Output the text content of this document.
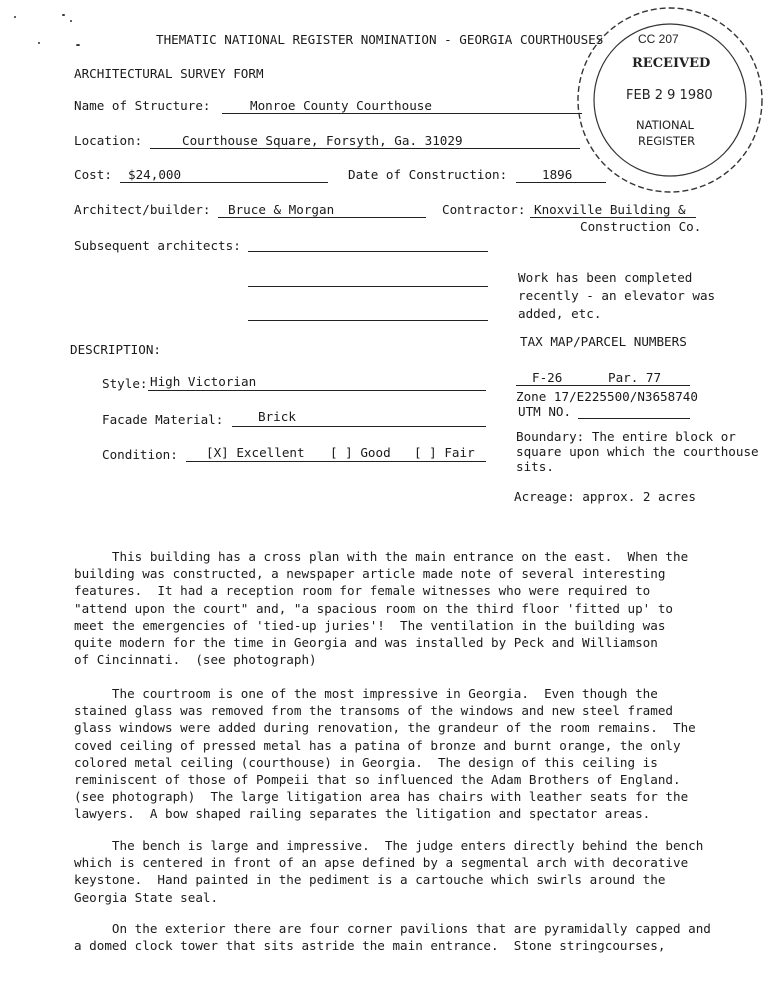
THEMATIC NATIONAL REGISTER NOMINATION - GEORGIA COURTHOUSES	CC 207
RECEIVED
FEB 2 9 1980
NATIONAL
REGISTER
ARCHITECTURAL SURVEY FORM
Name of Structure:	Monroe County Courthouse
Location:	Courthouse Square, Forsyth, Ga. 31029
Cost: $24,000	Date of Construction:	1896
Architect/builder: Bruce & Morgan	Contractor: Knoxville Building &
Construction Co.
Subsequent architects:
Work has been completed
recently - an elevator was
added, etc.
TAX MAP/PARCEL NUMBERS
DESCRIPTION:
Style: High Victorian	F-26	Par. 77
Zone 17/E225500/N3658740
UTM NO.
Facade Material:	Brick
Boundary: The entire block or
square upon which the courthouse
sits.
Condition: [X] Excellent [ ] Good [ ] Fair
Acreage: approx. 2 acres
This building has a cross plan with the main entrance on the east.  When the
building was constructed, a newspaper article made note of several interesting
features.  It had a reception room for female witnesses who were required to
"attend upon the court" and, "a spacious room on the third floor 'fitted up' to
meet the emergencies of 'tied-up juries'!  The ventilation in the building was
quite modern for the time in Georgia and was installed by Peck and Williamson
of Cincinnati.  (see photograph)
The courtroom is one of the most impressive in Georgia.  Even though the
stained glass was removed from the transoms of the windows and new steel framed
glass windows were added during renovation, the grandeur of the room remains.  The
coved ceiling of pressed metal has a patina of bronze and burnt orange, the only
colored metal ceiling (courthouse) in Georgia.  The design of this ceiling is
reminiscent of those of Pompeii that so influenced the Adam Brothers of England.
(see photograph)  The large litigation area has chairs with leather seats for the
lawyers.  A bow shaped railing separates the litigation and spectator areas.
The bench is large and impressive.  The judge enters directly behind the bench
which is centered in front of an apse defined by a segmental arch with decorative
keystone.  Hand painted in the pediment is a cartouche which swirls around the
Georgia State seal.
On the exterior there are four corner pavilions that are pyramidally capped and
a domed clock tower that sits astride the main entrance.  Stone stringcourses,
